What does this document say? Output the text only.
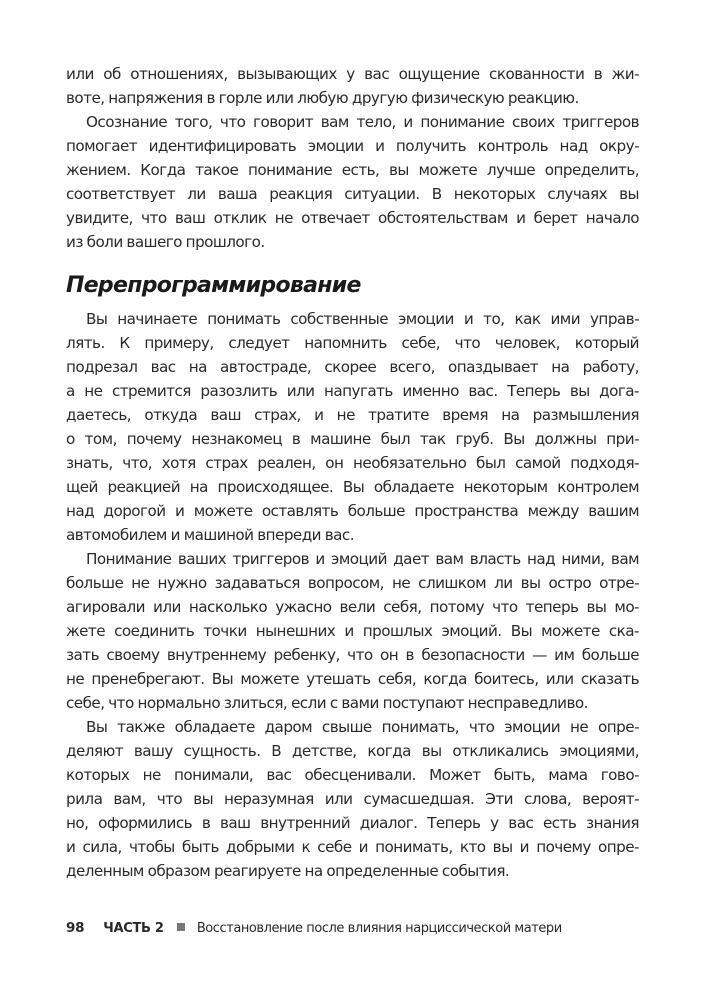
или об отношениях, вызывающих у вас ощущение скованности в жи-
воте, напряжения в горле или любую другую физическую реакцию.
Осознание того, что говорит вам тело, и понимание своих триггеров
помогает идентифицировать эмоции и получить контроль над окру-
жением. Когда такое понимание есть, вы можете лучше определить,
соответствует ли ваша реакция ситуации. В некоторых случаях вы
увидите, что ваш отклик не отвечает обстоятельствам и берет начало
из боли вашего прошлого.
Перепрограммирование
Вы начинаете понимать собственные эмоции и то, как ими управ-
лять. К примеру, следует напомнить себе, что человек, который
подрезал вас на автостраде, скорее всего, опаздывает на работу,
а не стремится разозлить или напугать именно вас. Теперь вы дога-
даетесь, откуда ваш страх, и не тратите время на размышления
о том, почему незнакомец в машине был так груб. Вы должны при-
знать, что, хотя страх реален, он необязательно был самой подходя-
щей реакцией на происходящее. Вы обладаете некоторым контролем
над дорогой и можете оставлять больше пространства между вашим
автомобилем и машиной впереди вас.
Понимание ваших триггеров и эмоций дает вам власть над ними, вам
больше не нужно задаваться вопросом, не слишком ли вы остро отре-
агировали или насколько ужасно вели себя, потому что теперь вы мо-
жете соединить точки нынешних и прошлых эмоций. Вы можете ска-
зать своему внутреннему ребенку, что он в безопасности — им больше
не пренебрегают. Вы можете утешать себя, когда боитесь, или сказать
себе, что нормально злиться, если с вами поступают несправедливо.
Вы также обладаете даром свыше понимать, что эмоции не опре-
деляют вашу сущность. В детстве, когда вы откликались эмоциями,
которых не понимали, вас обесценивали. Может быть, мама гово-
рила вам, что вы неразумная или сумасшедшая. Эти слова, вероят-
но, оформились в ваш внутренний диалог. Теперь у вас есть знания
и сила, чтобы быть добрыми к себе и понимать, кто вы и почему опре-
деленным образом реагируете на определенные события.
98 ЧАСТЬ 2	Восстановление после влияния нарциссической матери
